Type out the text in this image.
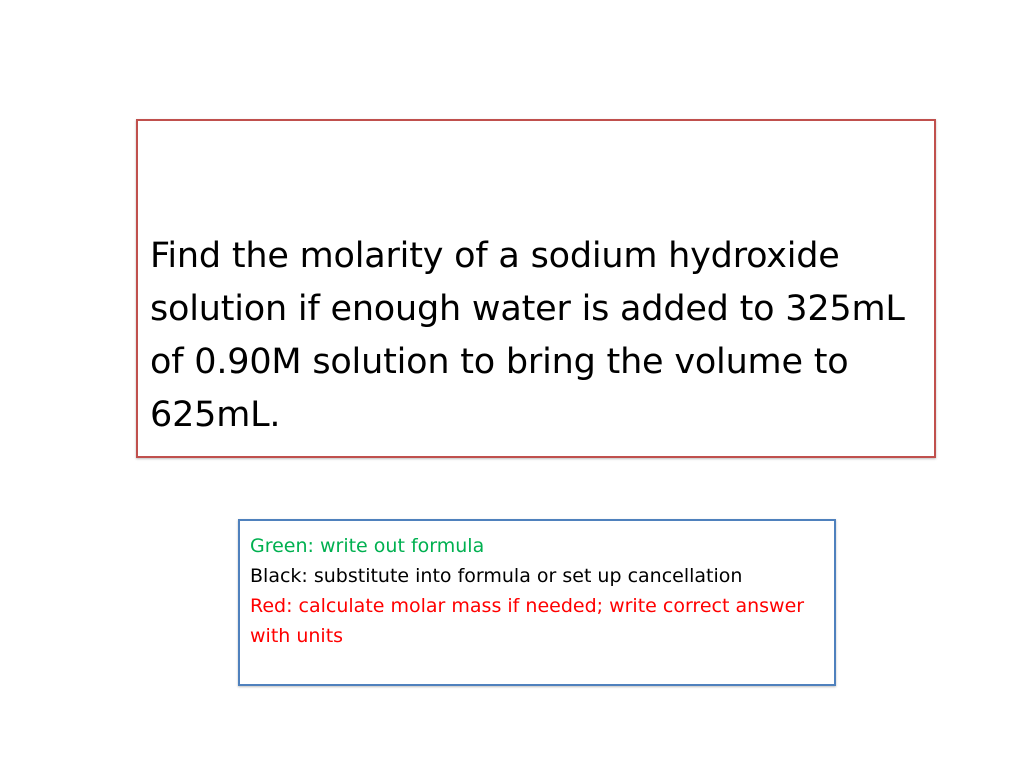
Find the molarity of a sodium hydroxide solution if enough water is added to 325mL of 0.90M solution to bring the volume to 625mL.

Green: write out formula

Black: substitute into formula or set up cancellation

Red: calculate molar mass if needed; write correct answer with units
